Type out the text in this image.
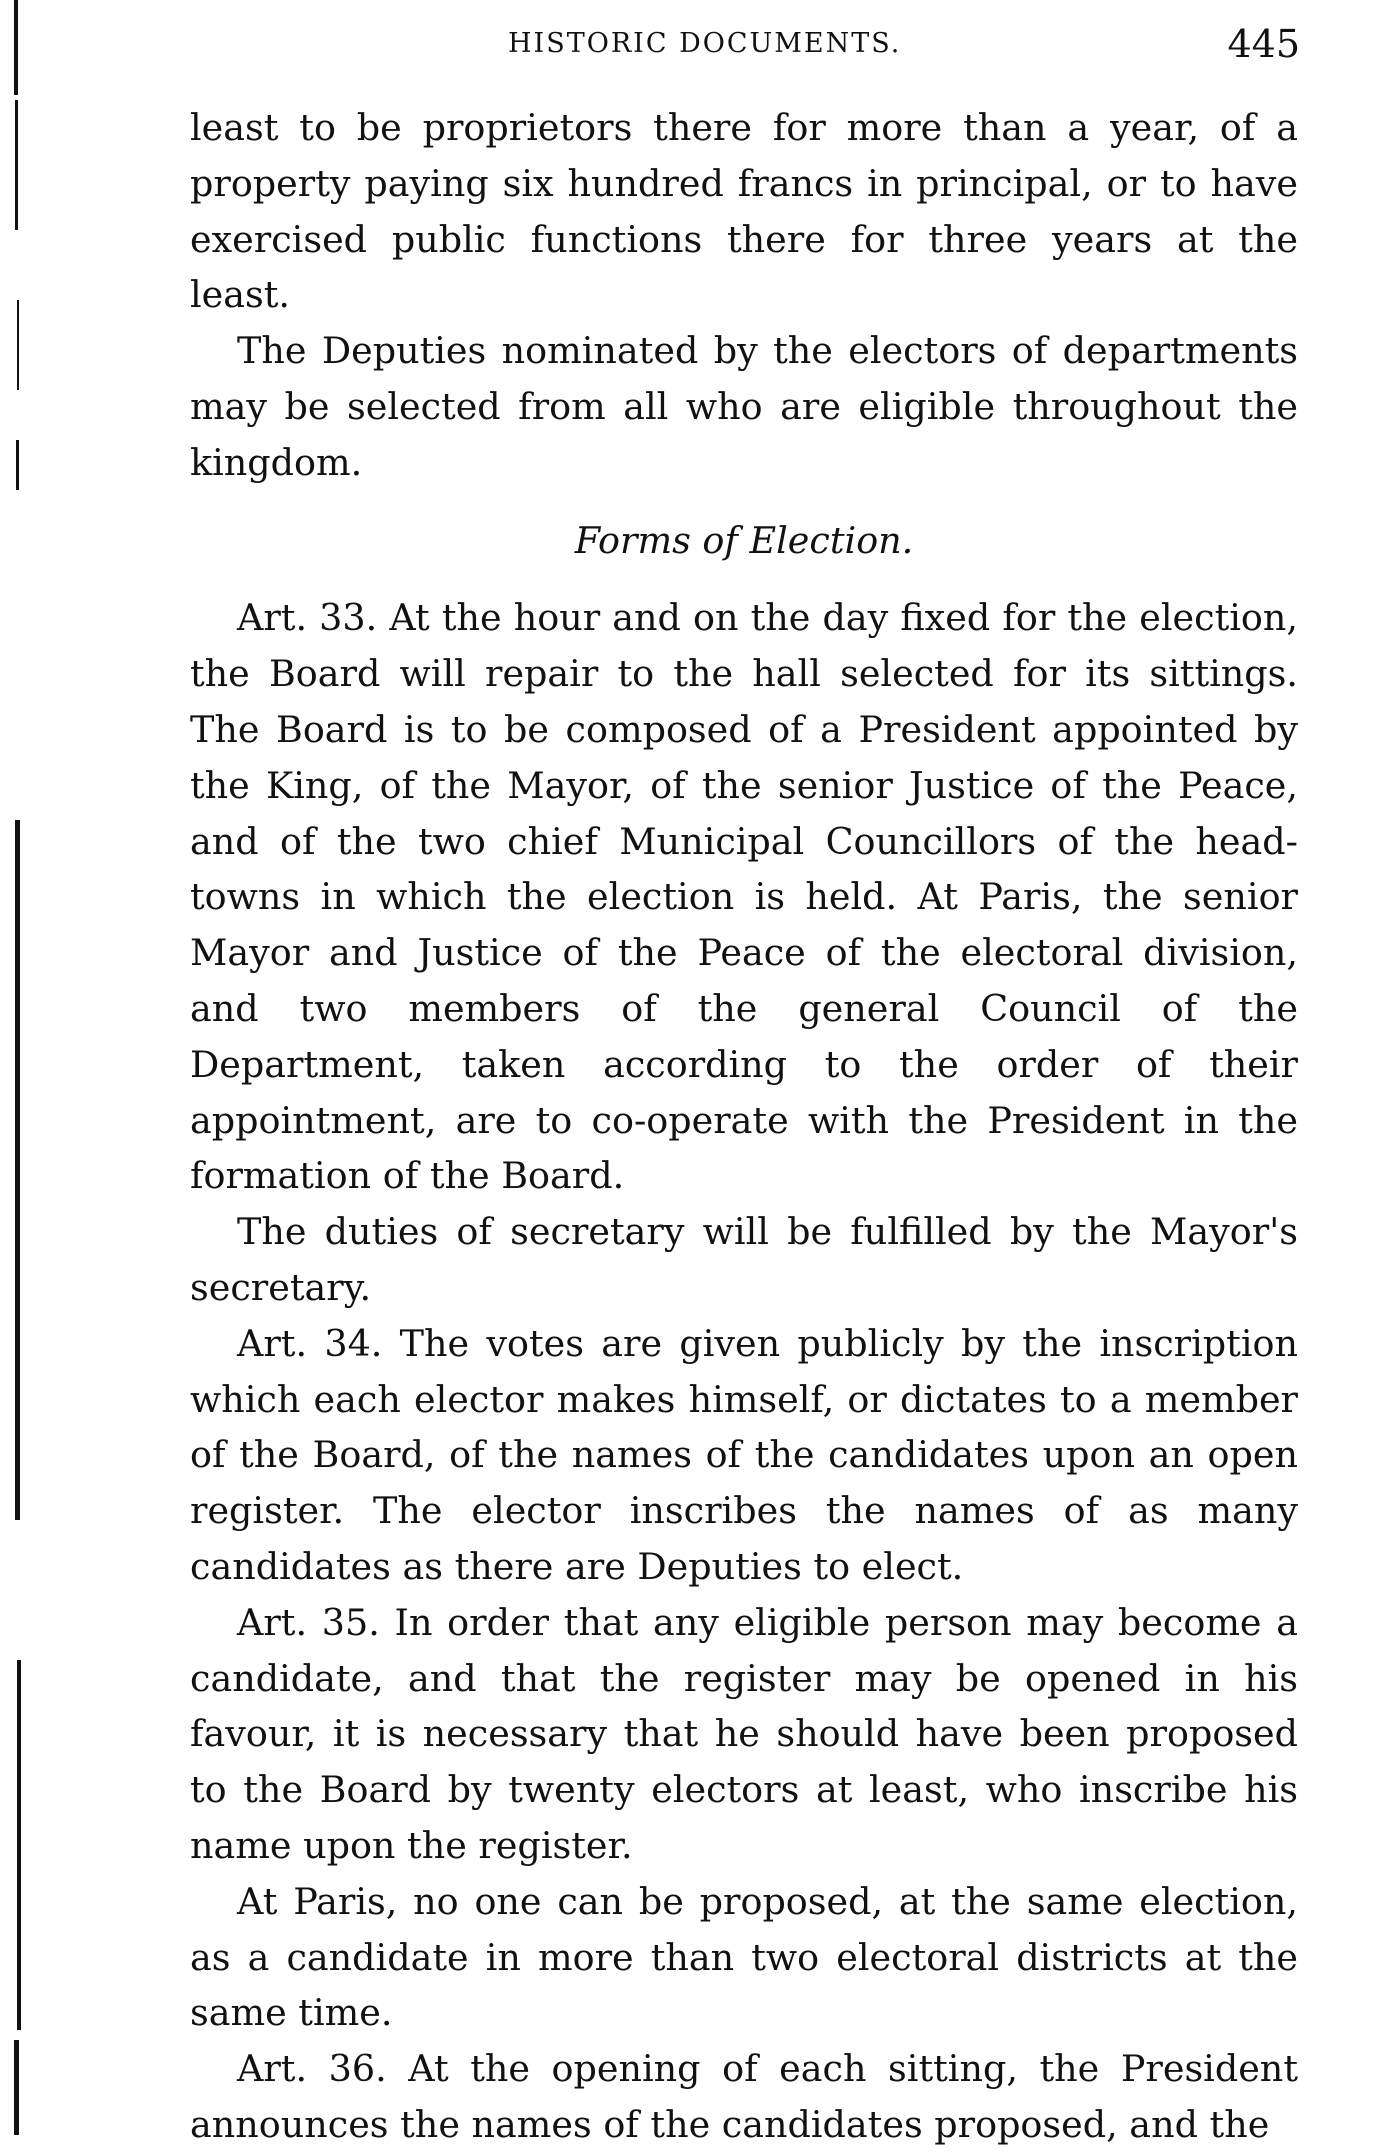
HISTORIC DOCUMENTS.	445

least to be proprietors there for more than a year, of a property paying six hundred francs in principal, or to have exercised public functions there for three years at the least.

The Deputies nominated by the electors of departments may be selected from all who are eligible throughout the kingdom.

Forms of Election.

Art. 33. At the hour and on the day fixed for the election, the Board will repair to the hall selected for its sittings. The Board is to be composed of a President appointed by the King, of the Mayor, of the senior Justice of the Peace, and of the two chief Municipal Councillors of the head-towns in which the election is held. At Paris, the senior Mayor and Justice of the Peace of the electoral division, and two members of the general Council of the Department, taken according to the order of their appointment, are to co-operate with the President in the formation of the Board.

The duties of secretary will be fulfilled by the Mayor's secretary.

Art. 34. The votes are given publicly by the inscription which each elector makes himself, or dictates to a member of the Board, of the names of the candidates upon an open register. The elector inscribes the names of as many candidates as there are Deputies to elect.

Art. 35. In order that any eligible person may become a candidate, and that the register may be opened in his favour, it is necessary that he should have been proposed to the Board by twenty electors at least, who inscribe his name upon the register.

At Paris, no one can be proposed, at the same election, as a candidate in more than two electoral districts at the same time.

Art. 36. At the opening of each sitting, the President announces the names of the candidates proposed, and the
